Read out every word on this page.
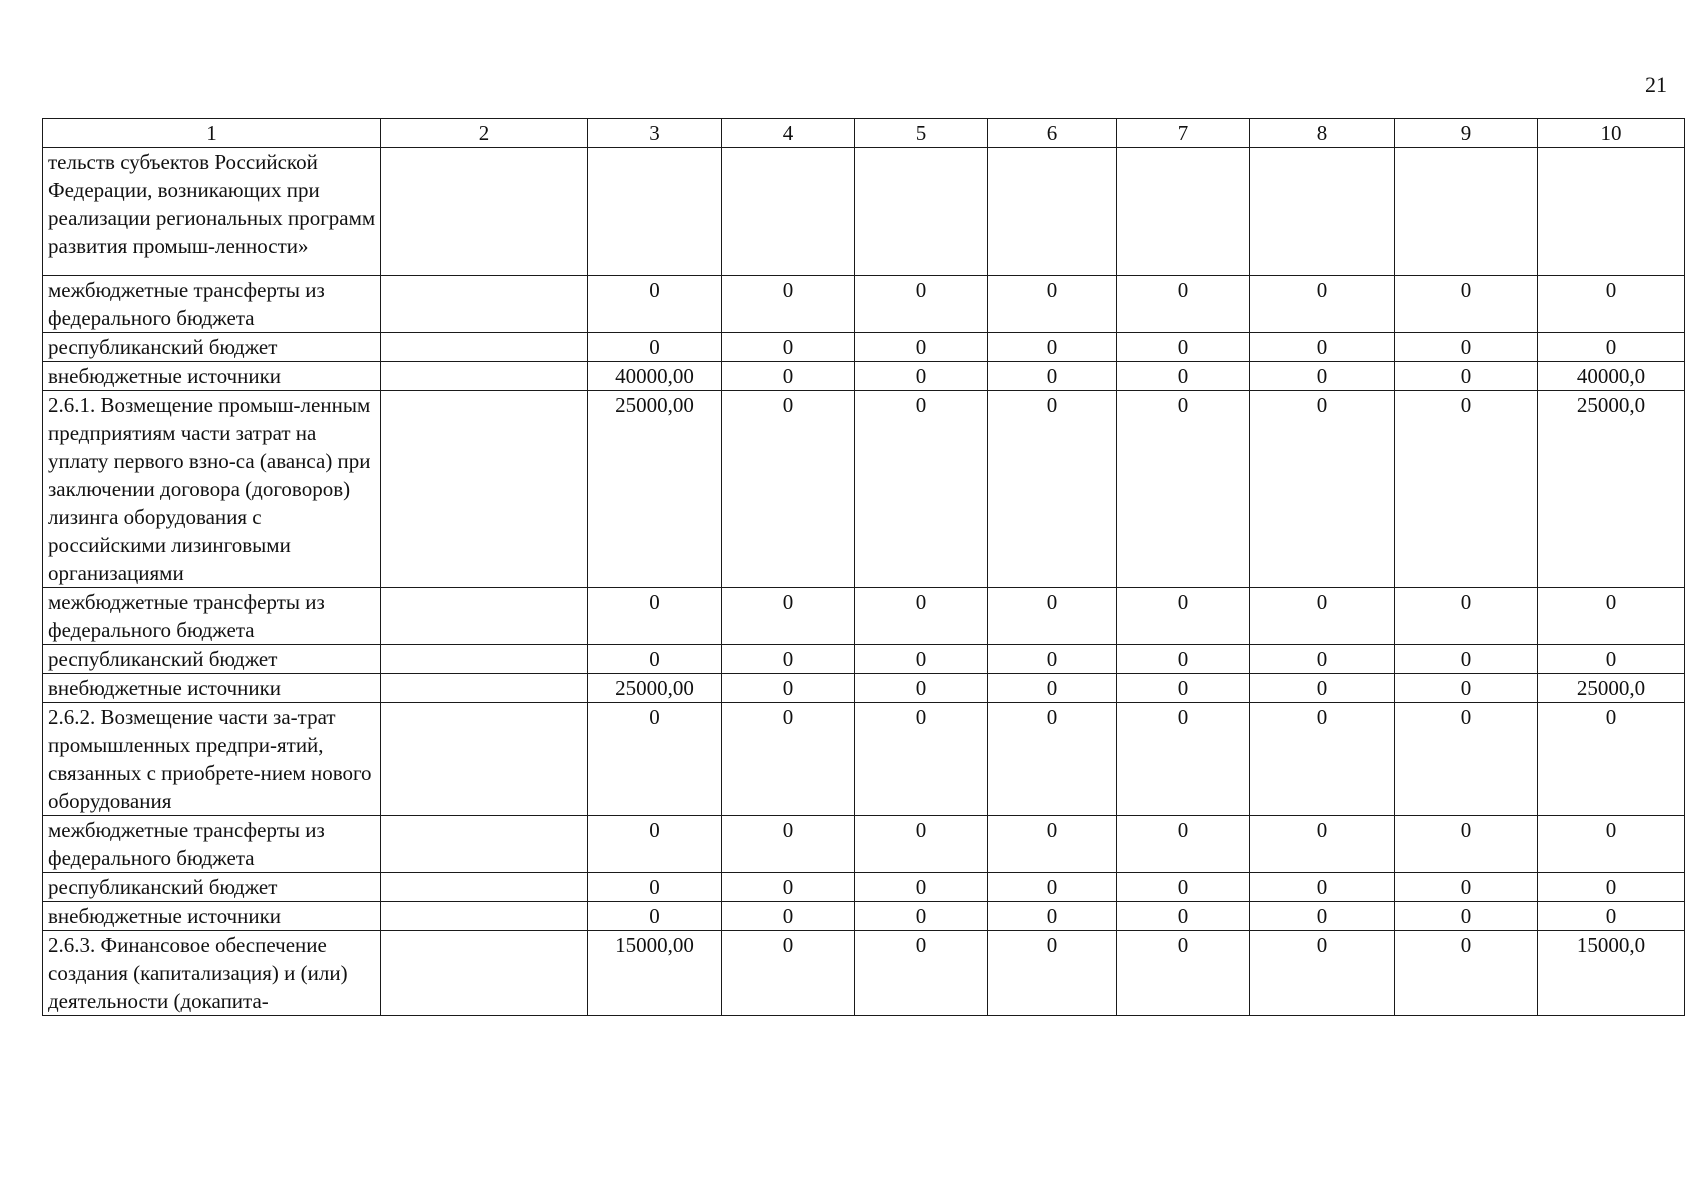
21
1	2	3	4	5	6	7	8	9	10
тельств субъектов Российской Федерации, возникающих при реализации региональных программ развития промыш-ленности»									
межбюджетные трансферты из федерального бюджета		0	0	0	0	0	0	0	0
республиканский бюджет		0	0	0	0	0	0	0	0
внебюджетные источники		40000,00	0	0	0	0	0	0	40000,0
2.6.1. Возмещение промыш-ленным предприятиям части затрат на уплату первого взно-са (аванса) при заключении договора (договоров) лизинга оборудования с российскими лизинговыми организациями		25000,00	0	0	0	0	0	0	25000,0
межбюджетные трансферты из федерального бюджета		0	0	0	0	0	0	0	0
республиканский бюджет		0	0	0	0	0	0	0	0
внебюджетные источники		25000,00	0	0	0	0	0	0	25000,0
2.6.2. Возмещение части за-трат промышленных предпри-ятий, связанных с приобрете-нием нового оборудования		0	0	0	0	0	0	0	0
межбюджетные трансферты из федерального бюджета		0	0	0	0	0	0	0	0
республиканский бюджет		0	0	0	0	0	0	0	0
внебюджетные источники		0	0	0	0	0	0	0	0
2.6.3. Финансовое обеспечение создания (капитализация) и (или) деятельности (докапита-		15000,00	0	0	0	0	0	0	15000,0
